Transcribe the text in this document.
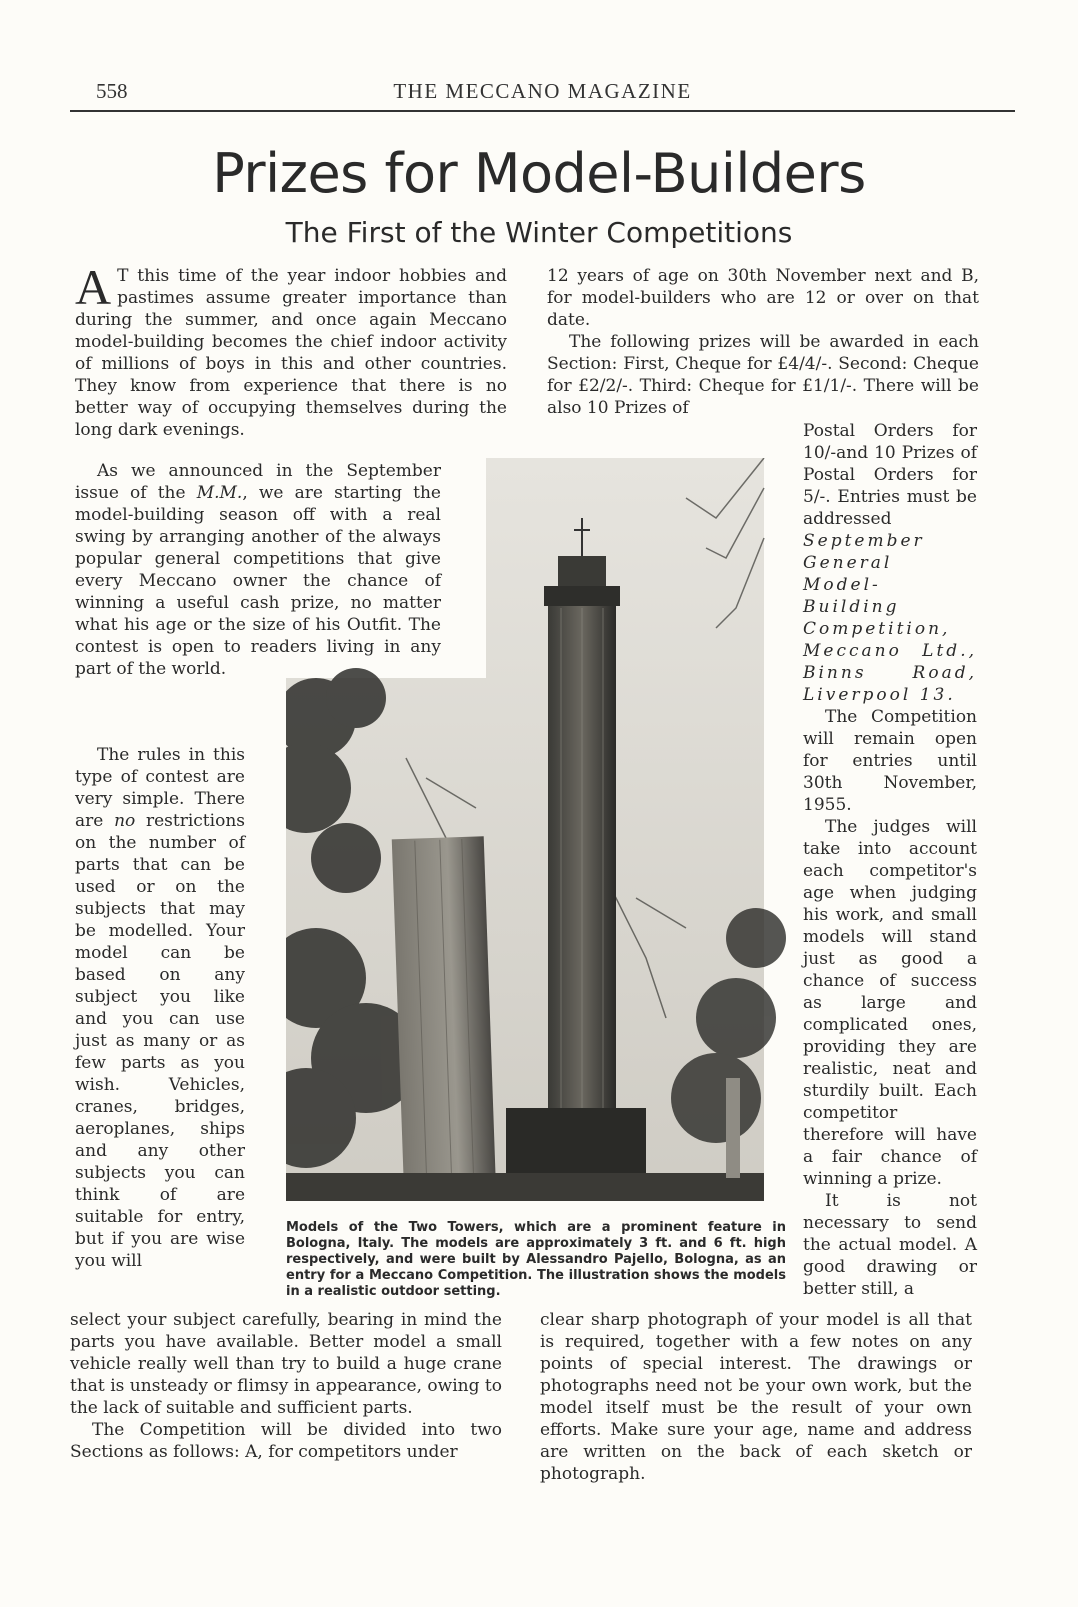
558	THE MECCANO MAGAZINE
Prizes for Model-Builders
The First of the Winter Competitions

A T this time of the year indoor hobbies and pastimes assume greater importance than during the summer, and once again Meccano model-building becomes the chief indoor activity of millions of boys in this and other countries. They know from experience that there is no better way of occupying themselves during the long dark evenings.

As we announced in the September issue of the M.M., we are starting the model-building season off with a real swing by arranging another of the always popular general competitions that give every Meccano owner the chance of winning a useful cash prize, no matter what his age or the size of his Outfit. The contest is open to readers living in any part of the world.

The rules in this type of contest are very simple. There are no restrictions on the number of parts that can be used or on the subjects that may be modelled. Your model can be based on any subject you like and you can use just as many or as few parts as you wish. Vehicles, cranes, bridges, aeroplanes, ships and any other subjects you can think of are suitable for entry, but if you are wise you will

select your subject carefully, bearing in mind the parts you have available. Better model a small vehicle really well than try to build a huge crane that is unsteady or flimsy in appearance, owing to the lack of suitable and sufficient parts.

The Competition will be divided into two Sections as follows: A, for competitors under

12 years of age on 30th November next and B, for model-builders who are 12 or over on that date.

The following prizes will be awarded in each Section: First, Cheque for £4/4/-. Second: Cheque for £2/2/-. Third: Cheque for £1/1/-. There will be also 10 Prizes of

Postal Orders for 10/-and 10 Prizes of Postal Orders for 5/-. Entries must be addressed September General Model-Building Competition, Meccano Ltd., Binns Road, Liverpool 13.

The Competition will remain open for entries until 30th November, 1955.

The judges will take into account each competitor's age when judging his work, and small models will stand just as good a chance of success as large and complicated ones, providing they are realistic, neat and sturdily built. Each competitor therefore will have a fair chance of winning a prize.

It is not necessary to send the actual model. A good drawing or better still, a

clear sharp photograph of your model is all that is required, together with a few notes on any points of special interest. The drawings or photographs need not be your own work, but the model itself must be the result of your own efforts. Make sure your age, name and address are written on the back of each sketch or photograph.

Models of the Two Towers, which are a prominent feature in Bologna, Italy. The models are approximately 3 ft. and 6 ft. high respectively, and were built by Alessandro Pajello, Bologna, as an entry for a Meccano Competition. The illustration shows the models in a realistic outdoor setting.
